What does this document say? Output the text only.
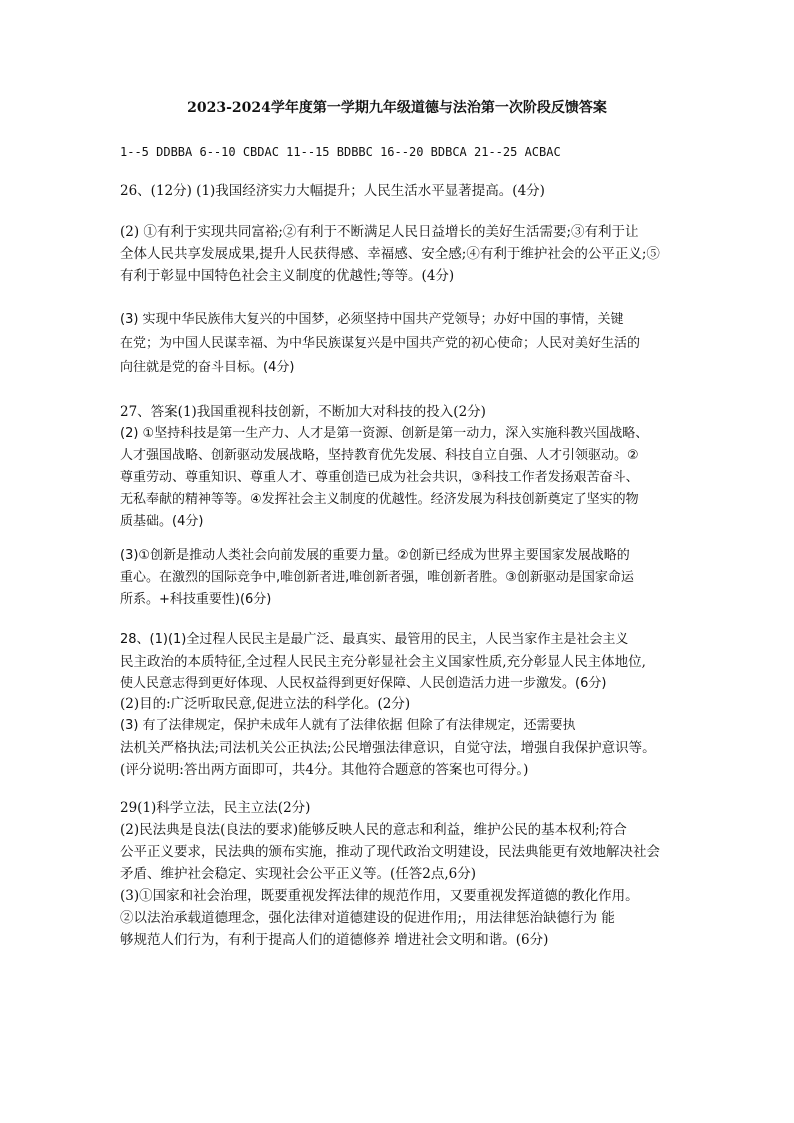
2023-2024学年度第一学期九年级道德与法治第一次阶段反馈答案
1--5 DDBBA 6--10 CBDAC 11--15 BDBBC 16--20 BDBCA 21--25 ACBAC
26、(12分) (1)我国经济实力大幅提升；人民生活水平显著提高。(4分)
(2) ①有利于实现共同富裕;②有利于不断满足人民日益增长的美好生活需要;③有利于让
全体人民共享发展成果,提升人民获得感、幸福感、安全感;④有利于维护社会的公平正义;⑤
有利于彰显中国特色社会主义制度的优越性;等等。(4分)
(3) 实现中华民族伟大复兴的中国梦，必须坚持中国共产党领导；办好中国的事情，关键
在党；为中国人民谋幸福、为中华民族谋复兴是中国共产党的初心使命；人民对美好生活的
向往就是党的奋斗目标。(4分)
27、答案(1)我国重视科技创新，不断加大对科技的投入(2分)
(2) ①坚持科技是第一生产力、人才是第一资源、创新是第一动力，深入实施科教兴国战略、
人才强国战略、创新驱动发展战略，坚持教育优先发展、科技自立自强、人才引领驱动。②
尊重劳动、尊重知识、尊重人才、尊重创造已成为社会共识，③科技工作者发扬艰苦奋斗、
无私奉献的精神等等。④发挥社会主义制度的优越性。经济发展为科技创新奠定了坚实的物
质基础。(4分)
(3)①创新是推动人类社会向前发展的重要力量。②创新已经成为世界主要国家发展战略的
重心。在激烈的国际竞争中,唯创新者进,唯创新者强，唯创新者胜。③创新驱动是国家命运
所系。+科技重要性)(6分)
28、(1)(1)全过程人民民主是最广泛、最真实、最管用的民主，人民当家作主是社会主义
民主政治的本质特征,全过程人民民主充分彰显社会主义国家性质,充分彰显人民主体地位,
使人民意志得到更好体现、人民权益得到更好保障、人民创造活力进一步激发。(6分)
(2)目的:广泛听取民意,促进立法的科学化。(2分)
(3) 有了法律规定，保护未成年人就有了法律依据 但除了有法律规定，还需要执
法机关严格执法;司法机关公正执法;公民增强法律意识，自觉守法，增强自我保护意识等。
(评分说明:答出两方面即可，共4分。其他符合题意的答案也可得分。)
29(1)科学立法，民主立法(2分)
(2)民法典是良法(良法的要求)能够反映人民的意志和利益，维护公民的基本权利;符合
公平正义要求，民法典的颁布实施，推动了现代政治文明建设，民法典能更有效地解决社会
矛盾、维护社会稳定、实现社会公平正义等。(任答2点,6分)
(3)①国家和社会治理，既要重视发挥法律的规范作用，又要重视发挥道德的教化作用。
②以法治承载道德理念，强化法律对道德建设的促进作用;，用法律惩治缺德行为 能
够规范人们行为，有利于提高人们的道德修养 增进社会文明和谐。(6分)
